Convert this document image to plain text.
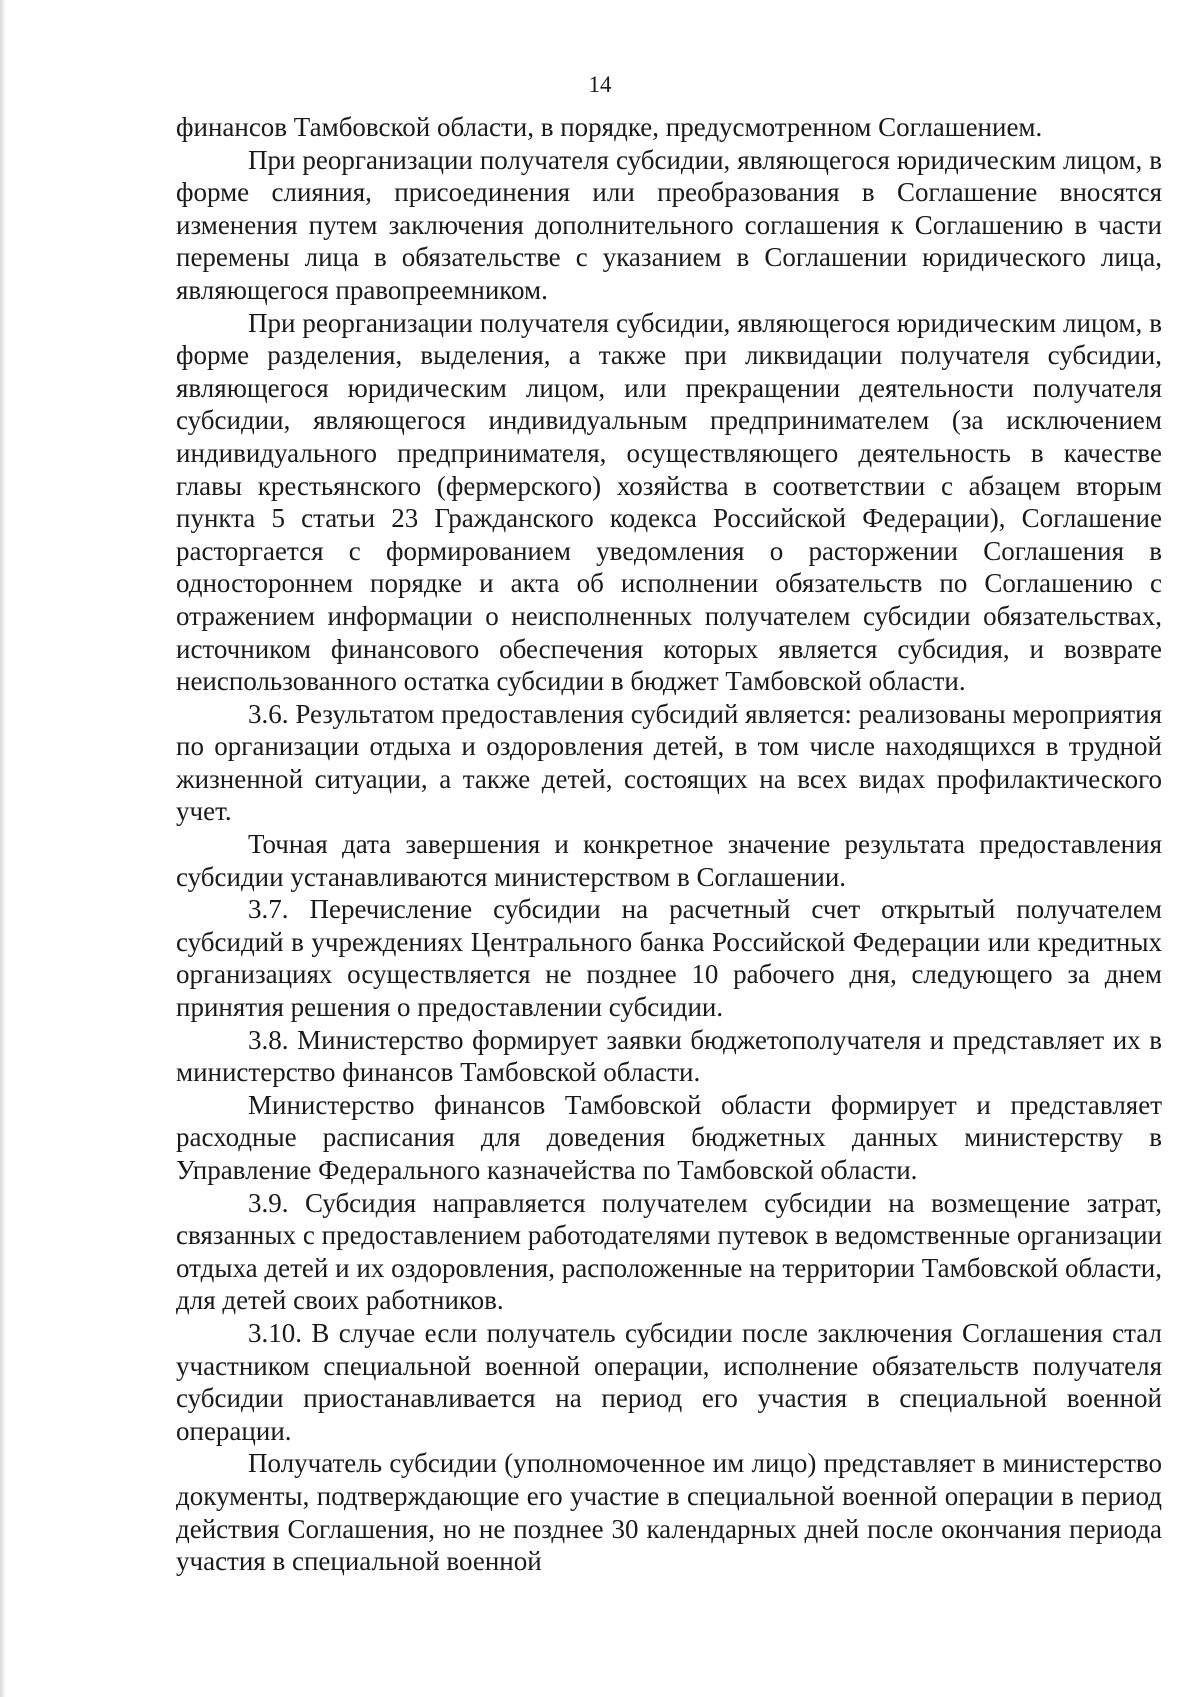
14

финансов Тамбовской области, в порядке, предусмотренном Соглашением.

При реорганизации получателя субсидии, являющегося юридическим лицом, в форме слияния, присоединения или преобразования в Соглашение вносятся изменения путем заключения дополнительного соглашения к Соглашению в части перемены лица в обязательстве с указанием в Соглашении юридического лица, являющегося правопреемником.

При реорганизации получателя субсидии, являющегося юридическим лицом, в форме разделения, выделения, а также при ликвидации получателя субсидии, являющегося юридическим лицом, или прекращении деятельности получателя субсидии, являющегося индивидуальным предпринимателем (за исключением индивидуального предпринимателя, осуществляющего деятельность в качестве главы крестьянского (фермерского) хозяйства в соответствии с абзацем вторым пункта 5 статьи 23 Гражданского кодекса Российской Федерации), Соглашение расторгается с формированием уведомления о расторжении Соглашения в одностороннем порядке и акта об исполнении обязательств по Соглашению с отражением информации о неисполненных получателем субсидии обязательствах, источником финансового обеспечения которых является субсидия, и возврате неиспользованного остатка субсидии в бюджет Тамбовской области.

3.6. Результатом предоставления субсидий является: реализованы мероприятия по организации отдыха и оздоровления детей, в том числе находящихся в трудной жизненной ситуации, а также детей, состоящих на всех видах профилактического учет.

Точная дата завершения и конкретное значение результата предоставления субсидии устанавливаются министерством в Соглашении.

3.7. Перечисление субсидии на расчетный счет открытый получателем субсидий в учреждениях Центрального банка Российской Федерации или кредитных организациях осуществляется не позднее 10 рабочего дня, следующего за днем принятия решения о предоставлении субсидии.

3.8. Министерство формирует заявки бюджетополучателя и представляет их в министерство финансов Тамбовской области.

Министерство финансов Тамбовской области формирует и представляет расходные расписания для доведения бюджетных данных министерству в Управление Федерального казначейства по Тамбовской области.

3.9. Субсидия направляется получателем субсидии на возмещение затрат, связанных с предоставлением работодателями путевок в ведомственные организации отдыха детей и их оздоровления, расположенные на территории Тамбовской области, для детей своих работников.

3.10. В случае если получатель субсидии после заключения Соглашения стал участником специальной военной операции, исполнение обязательств получателя субсидии приостанавливается на период его участия в специальной военной операции.

Получатель субсидии (уполномоченное им лицо) представляет в министерство документы, подтверждающие его участие в специальной военной операции в период действия Соглашения, но не позднее 30 календарных дней после окончания периода участия в специальной военной
